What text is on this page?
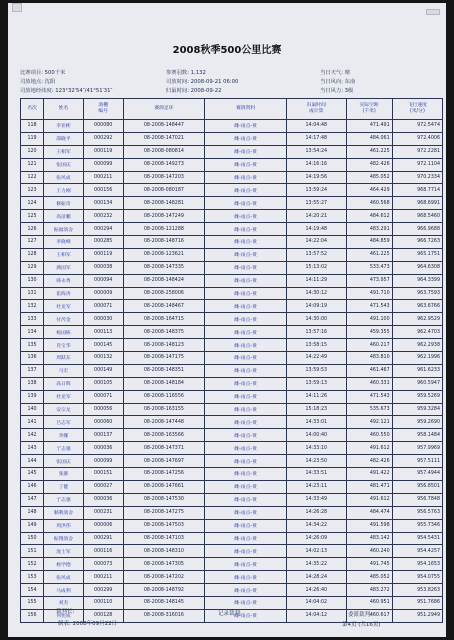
2008秋季500公里比赛
比赛项目: 500千米
司放地点: 沈阳
司放地经纬度: 123°32′54″/41°51′31″
参赛羽数: 1,132
司放时间: 2008-09-21 06:00
归巢时间: 2008-09-22
当日天气: 晴
当日风向: 东南
当日风力: 3级
名次	姓名	鸽棚
编号	赛鸽足环	赛鸽资料	归巢时间
或计算	实际空距
(千米)	飞行速度
(米/分)
118	李亚彬	000080	08-2008-148447	雌-雨点-黄	14:04:48	471.491	972.5474
119	邵晓平	000292	08-2008-147021	雌-雨点-黄	14:17:48	484.061	972.4006
120	王相军	000119	08-2008-080814	雌-雨点-黄	13:54:24	461.225	972.2281
121	张国庆	000099	08-2008-149273	雌-雨点-黄	14:16:16	482.426	972.1104
122	张风成	000211	08-2008-147203	雌-雨点-黄	14:19:56	485.052	970.2334
123	王力刚	000156	08-2008-080187	雌-雨点-黄	13:59:24	464.429	968.7714
124	修振奇	000134	08-2008-148281	雌-雨点-黄	13:55:27	460.568	968.6991
125	高彦鹏	000232	08-2008-147249	雌-雨点-黄	14:20:21	484.612	968.5460
126	振福鸽舍	000294	08-2008-121288	雌-雨点-黄	14:19:48	483.291	966.9688
127	李晓峰	000285	08-2008-148716	雌-雨点-黄	14:22:04	484.859	966.7263
128	王相军	000119	08-2008-123621	雌-雨点-黄	13:57:52	461.225	965.1751
129	满国军	000038	08-2008-147335	雌-雨点-黄	15:13:02	533.473	964.6308
130	韩永秀	000094	08-2008-148424	雌-雨点-黄	14:11:29	473.957	964.3399
131	崔海涛	000009	08-2008-258006	雌-雨点-黄	14:30:12	491.710	963.7593
132	杜龙军	000071	08-2008-148467	雌-雨点-黄	14:09:19	471.543	963.6766
133	付芮金	000030	08-2008-164715	雌-雨点-黄	14:30:00	491.100	962.9529
134	杨国栋	000113	08-2008-148375	雌-雨点-黄	13:57:16	459.355	962.4703
135	肖宝华	000145	08-2008-148123	雌-雨点-黄	13:58:15	460.217	962.2938
136	周跃东	000132	08-2008-147175	雌-雨点-黄	14:22:49	483.810	962.1996
137	马宏	000149	08-2008-148351	雌-雨点-黄	13:59:53	461.467	961.6233
138	高日辉	000105	08-2008-148184	雌-雨点-黄	13:59:13	460.331	960.5947
139	杜龙军	000071	08-2008-116556	雌-雨点-黄	14:11:26	471.543	959.5269
140	安宗龙	000056	08-2008-163155	雌-雨点-黄	15:18:23	535.673	959.3284
141	吕志军	000060	08-2008-147448	雌-雨点-黄	14:33:01	492.121	959.2690
142	李娜	000137	08-2008-163566	雌-雨点-黄	14:00:40	460.550	958.1484
143	于志强	000036	08-2008-147371	雌-雨点-黄	14:33:10	491.612	957.9969
144	张国庆	000099	08-2008-147697	雌-雨点-黄	14:23:50	482.426	957.5111
145	张静	000151	08-2008-147256	雌-雨点-黄	14:33:51	491.422	957.4944
146	丁健	000027	08-2008-147661	雌-雨点-黄	14:23:11	481.471	956.8501
147	于志强	000036	08-2008-147530	雌-雨点-黄	14:33:49	491.612	956.7848
148	顺利鸽舍	000231	08-2008-147275	雌-雨点-黄	14:26:28	484.474	956.5763
149	周洪伟	000006	08-2008-147503	雌-雨点-黄	14:34:22	491.598	955.7346
150	振翔鸽舍	000291	08-2008-147103	雌-雨点-黄	14:26:09	483.142	954.5431
151	庞士军	000116	08-2008-148310	雌-雨点-黄	14:02:13	460.240	954.4257
152	杨学德	000073	08-2008-147305	雌-雨点-黄	14:35:22	491.745	954.1653
153	张风成	000211	08-2008-147202	雌-雨点-黄	14:28:24	485.052	954.0755
154	马成利	000299	08-2008-148792	雌-雨点-黄	14:26:40	483.272	953.8263
155	刘杰	000110	08-2008-148145	雌-雨点-黄	14:04:02	460.951	951.7686
156	何宪成	000128	08-2008-316016	雌-雨点-黄	14:04:12	460.617	951.2949
裁判长:	记录裁判:	委派裁判:
制表: 2008年09月22日	第4页 (共16页)
